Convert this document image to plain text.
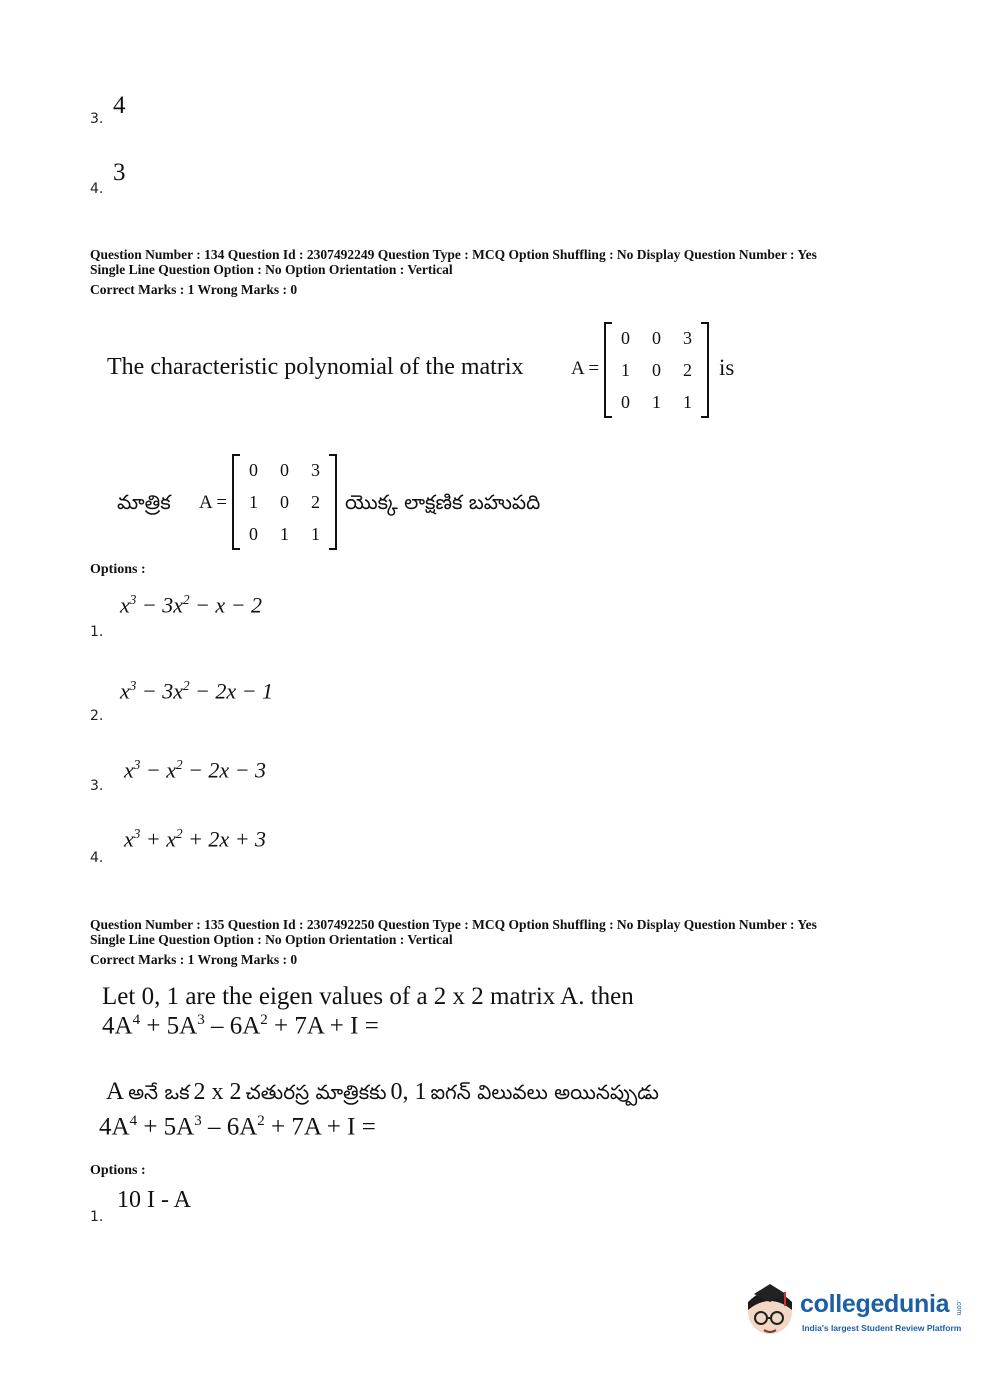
3. 4
4.
3
Question Number : 134 Question Id : 2307492249 Question Type : MCQ Option Shuffling : No Display Question Number : Yes
Single Line Question Option : No Option Orientation : Vertical
Correct Marks : 1 Wrong Marks : 0
The characteristic polynomial of the matrix A =
0	0	3
1	0	2
0	1	1
is
మాత్రిక A =
0	0	3
1	0	2
0	1	1
యొక్క లాక్షణిక బహుపది
Options :
1.
$x^3 - 3x^2 - x - 2$
2.
$x^3 - 3x^2 - 2x - 1$
3.
$x^3 - x^2 - 2x - 3$
4.
$x^3 + x^2 + 2x + 3$
Question Number : 135 Question Id : 2307492250 Question Type : MCQ Option Shuffling : No Display Question Number : Yes
Single Line Question Option : No Option Orientation : Vertical
Correct Marks : 1 Wrong Marks : 0
Let 0, 1 are the eigen values of a 2 x 2 matrix A. then
$4A^4 + 5A^3 - 6A^2 + 7A + I$ =
A అనే ఒక 2 x 2 చతురస్ర మాత్రికకు 0, 1 ఐగన్ విలువలు అయినప్పుడు
$4A^4 + 5A^3 - 6A^2 + 7A + I$ =
Options :
1.
10 I - A
collegedunia .com
India's largest Student Review Platform
